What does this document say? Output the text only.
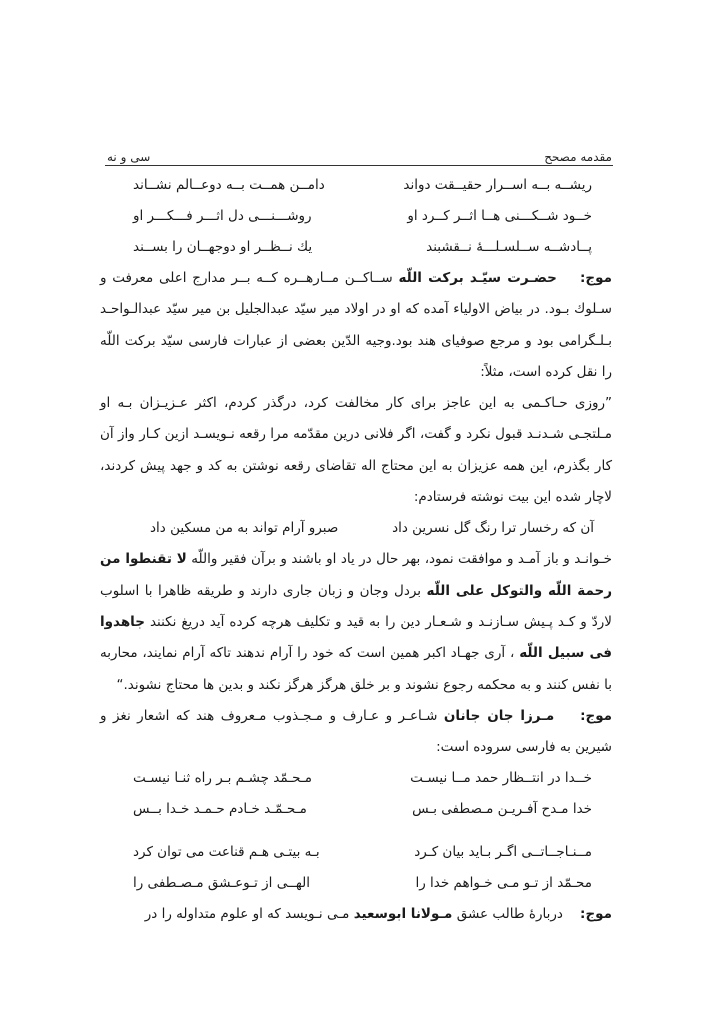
مقدمه مصحح
سی و نه
ریشــه بــه اســرار حقیــقت دواند
دامــن همــت بــه دوعــالم نشــاند
خــود شــکـــنی هــا اثــر کــرد او
روشـــنـــی دل اثـــر فـــکـــر او
پــادشــه ســلسـلـــهٔ نــقشبند
یك نــظــر او دوجهــان را بســند

موج:    حضـرت سیّـد برکت اللّه ســاکــن مــارهــره کــه بــر مدارج اعلی معرفت و سـلوك بـود. در بیاض الاولیاء آمده که او در اولاد میر سیّد عبدالجلیل بن میر سیّد عبدالـواحـد بـلـگرامی بود و مرجع صوفیای هند بود.وجیه الدّین بعضی از عبارات فارسی سیّد برکت اللّه را نقل کرده است، مثلاً:

”روزی حـاکـمی به این عاجز برای کار مخالفت کرد، درگذر کردم، اکثر عـزیـزان بـه او مـلتجـی شـدنـد قبول نکرد و گفت، اگر فلانی درین مقدّمه مرا رقعه نـویسـد ازین کـار واز آن کار بگذرم، این همه عزیزان به این محتاج اله تقاضای رقعه نوشتن به کد و جهد پیش کردند، لاچار شده این بیت نوشته فرستادم:

آن که رخسار ترا رنگ گل نسرین داد
صبرو آرام تواند به من مسکین داد

خـوانـد و باز آمـد و موافقت نمود، بهر حال در یاد او باشند و برآن فقیر واللّه لا تقنطوا من رحمة اللّه والتوکل علی اللّه بردل وجان و زبان جاری دارند و طریقه ظاهرا با اسلوب لاردّ و کـد پـیش سـازنـد و شـعـار دین را به قید و تکلیف هرچه کرده آید دریغ نکنند جاهدوا فی سبیل اللّه ، آری جهـاد اکبر همین است که خود را آرام ندهند تاکه آرام نمایند، محاربه با نفس کنند و به محکمه رجوع نشوند و بر خلق هرگز هرگز نکند و بدین ها محتاج نشوند.“

موج:    مـرزا جان جانان شـاعـر و عـارف و مـجـذوب مـعروف هند که اشعار نغز و شیرین به فارسی سروده است:

خــدا در انتــظار حمد مــا نیسـت
مـحـمّد چشـم بـر راه ثنـا نیسـت
خدا مـدح آفـریـن مـصطفی بـس
مـحـمّـد خـادم حـمـد خـدا بــس
مــنـاجــاتــی اگـر بـاید بیان کـرد
بـه بیتـی هـم قناعت می توان کرد
محـمّد از تـو مـی خـواهم خدا را
الهــی از تـوعـشق مـصـطفی را

موج:    دربارهٔ طالب عشق مـولانا ابوسعید مـی نـویسد که او علوم متداوله را در
